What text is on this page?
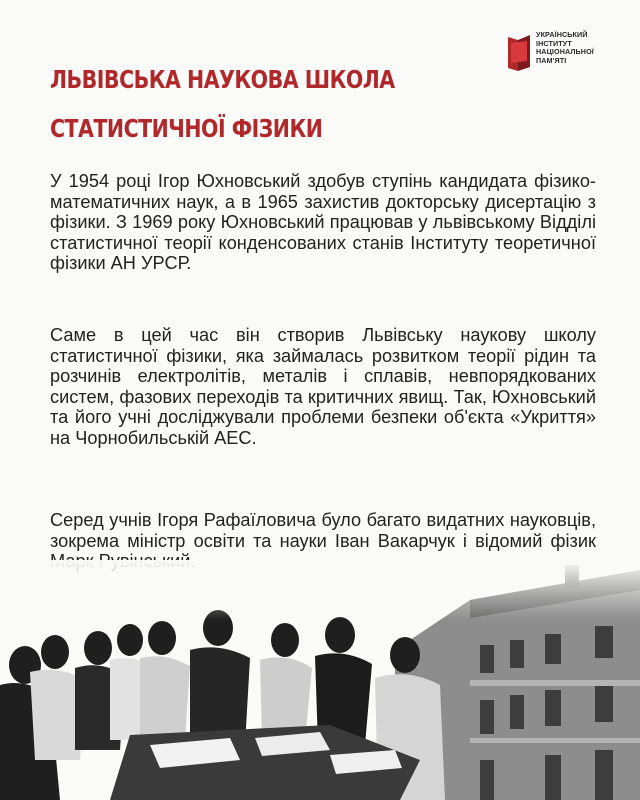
УКРАЇНСЬКИЙ
ІНСТИТУТ
НАЦІОНАЛЬНОЇ
ПАМ'ЯТІ
ЛЬВІВСЬКА НАУКОВА ШКОЛА
СТАТИСТИЧНОЇ ФІЗИКИ

У 1954 році Ігор Юхновський здобув ступінь кандидата фізико-математичних наук, а в 1965 захистив докторську дисертацію з фізики. З 1969 року Юхновський працював у львівському Відділі статистичної теорії конденсованих станів Інституту теоретичної фізики АН УРСР.

Саме в цей час він створив Львівську наукову школу статистичної фізики, яка займалась розвитком теорії рідин та розчинів електролітів, металів і сплавів, невпорядкованих систем, фазових переходів та критичних явищ. Так, Юхновський та його учні досліджували проблеми безпеки об'єкта «Укриття» на Чорнобильській АЕС.

Серед учнів Ігоря Рафаїловича було багато видатних науковців, зокрема міністр освіти та науки Іван Вакарчук і відомий фізик
